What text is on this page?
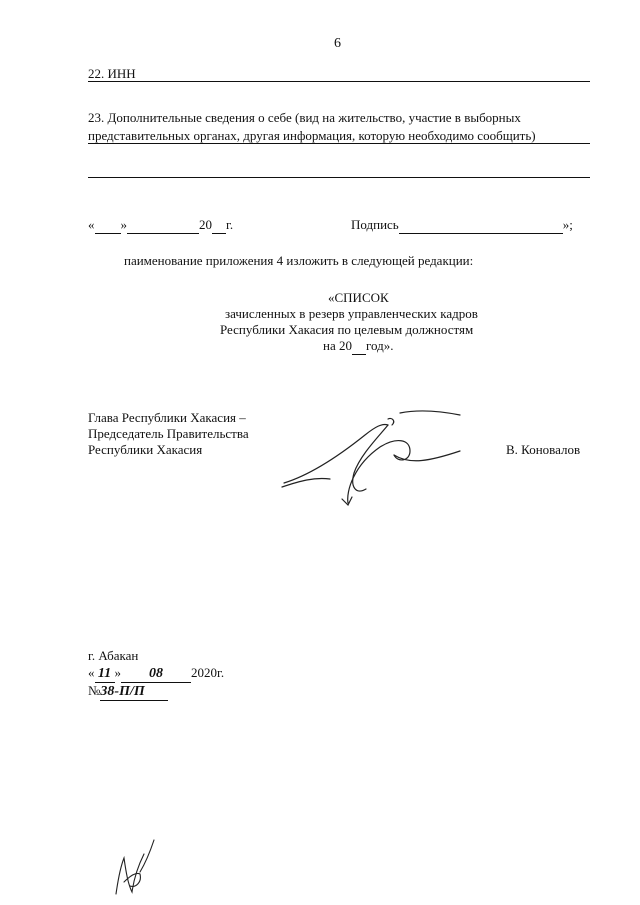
6
22. ИНН
23. Дополнительные сведения о себе (вид на жительство, участие в выборных
представительных органах, другая информация, которую необходимо сообщить)
« »	20 г.	Подпись	»;
паименование приложения 4 изложить в следующей редакции:
«СПИСОК
зачисленных в резерв управленческих кадров
Республики Хакасия по целевым должностям
на 20 год».
Глава Республики Хакасия –
Председатель Правительства
Республики Хакасия	В. Коновалов
г. Абакан
« 11 » 08 2020г.
№38-П/П
